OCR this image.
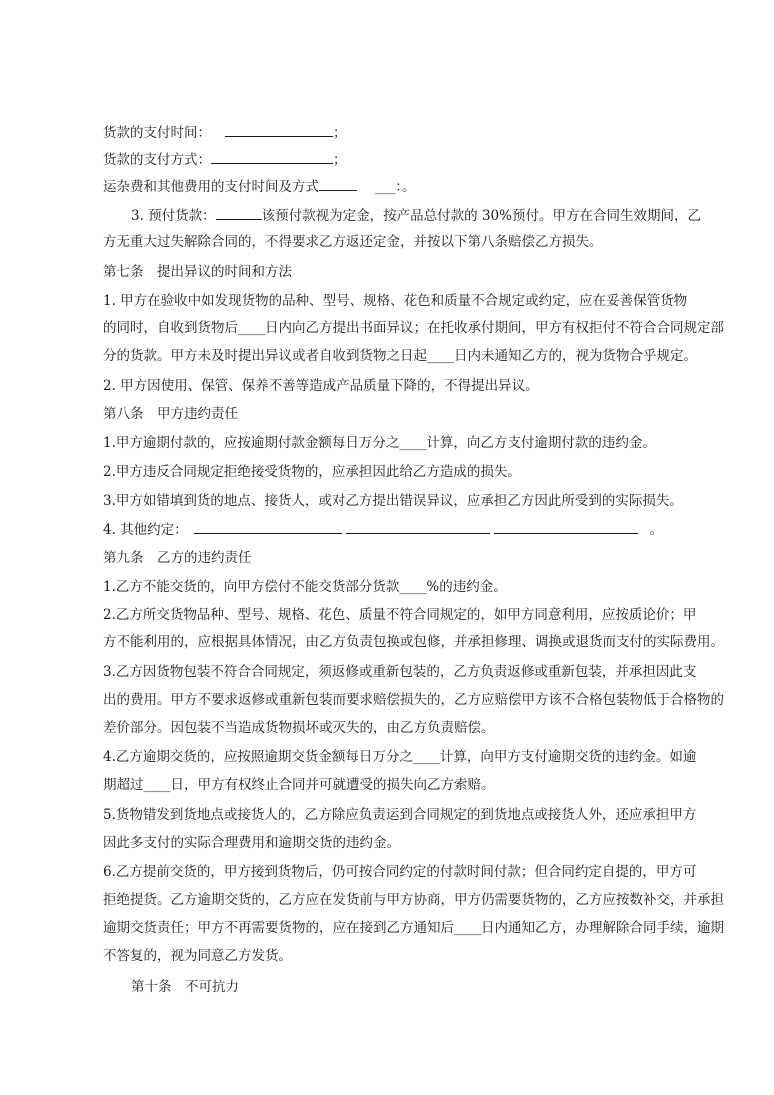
货款的支付时间：	；
货款的支付方式：	；
运杂费和其他费用的支付时间及方式	___：。
3. 预付货款：	该预付款视为定金，按产品总付款的 30%预付。甲方在合同生效期间，乙
方无重大过失解除合同的，不得要求乙方返还定金，并按以下第八条赔偿乙方损失。
第七条　提出异议的时间和方法
1. 甲方在验收中如发现货物的品种、型号、规格、花色和质量不合规定或约定，应在妥善保管货物
的同时，自收到货物后____日内向乙方提出书面异议；在托收承付期间，甲方有权拒付不符合合同规定部
分的货款。甲方未及时提出异议或者自收到货物之日起____日内未通知乙方的，视为货物合乎规定。
2. 甲方因使用、保管、保养不善等造成产品质量下降的，不得提出异议。
第八条　甲方违约责任
1.甲方逾期付款的，应按逾期付款金额每日万分之____计算，向乙方支付逾期付款的违约金。
2.甲方违反合同规定拒绝接受货物的，应承担因此给乙方造成的损失。
3.甲方如错填到货的地点、接货人，或对乙方提出错误异议，应承担乙方因此所受到的实际损失。
4. 其他约定：	。
第九条　乙方的违约责任
1.乙方不能交货的，向甲方偿付不能交货部分货款____%的违约金。
2.乙方所交货物品种、型号、规格、花色、质量不符合同规定的，如甲方同意利用，应按质论价；甲
方不能利用的，应根据具体情况，由乙方负责包换或包修，并承担修理、调换或退货而支付的实际费用。
3.乙方因货物包装不符合合同规定，须返修或重新包装的，乙方负责返修或重新包装，并承担因此支
出的费用。甲方不要求返修或重新包装而要求赔偿损失的，乙方应赔偿甲方该不合格包装物低于合格物的
差价部分。因包装不当造成货物损坏或灭失的，由乙方负责赔偿。
4.乙方逾期交货的，应按照逾期交货金额每日万分之____计算，向甲方支付逾期交货的违约金。如逾
期超过____日，甲方有权终止合同并可就遭受的损失向乙方索赔。
5.货物错发到货地点或接货人的，乙方除应负责运到合同规定的到货地点或接货人外，还应承担甲方
因此多支付的实际合理费用和逾期交货的违约金。
6.乙方提前交货的，甲方接到货物后，仍可按合同约定的付款时间付款；但合同约定自提的，甲方可
拒绝提货。乙方逾期交货的，乙方应在发货前与甲方协商，甲方仍需要货物的，乙方应按数补交，并承担
逾期交货责任；甲方不再需要货物的，应在接到乙方通知后____日内通知乙方，办理解除合同手续，逾期
不答复的，视为同意乙方发货。
第十条　不可抗力
